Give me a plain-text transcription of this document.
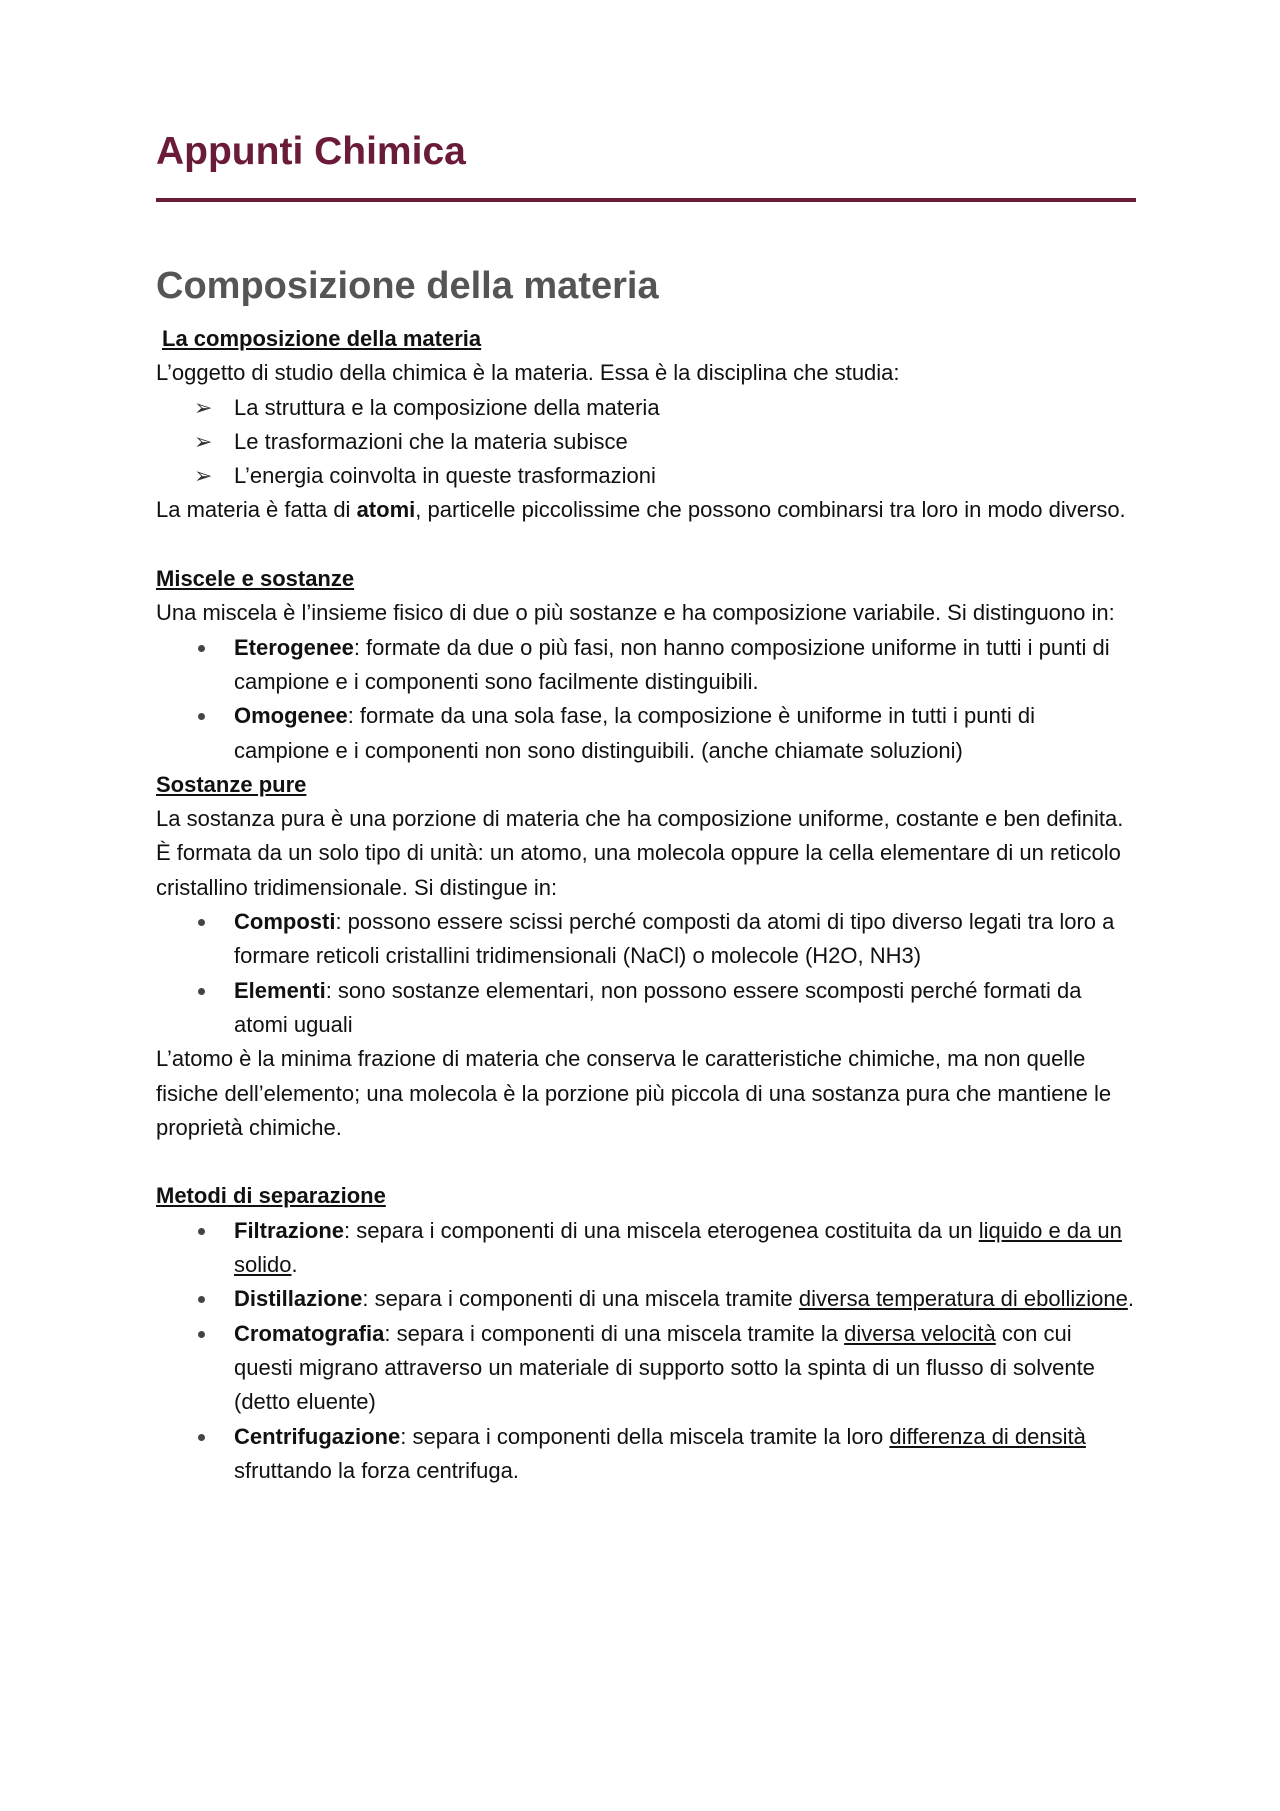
Appunti Chimica
Composizione della materia
La composizione della materia
L’oggetto di studio della chimica è la materia. Essa è la disciplina che studia:
➢ La struttura e la composizione della materia
➢ Le trasformazioni che la materia subisce
➢ L’energia coinvolta in queste trasformazioni
La materia è fatta di atomi, particelle piccolissime che possono combinarsi tra loro in modo diverso.
Miscele e sostanze
Una miscela è l’insieme fisico di due o più sostanze e ha composizione variabile. Si distinguono in:
Eterogenee: formate da due o più fasi, non hanno composizione uniforme in tutti i punti di campione e i componenti sono facilmente distinguibili.
Omogenee: formate da una sola fase, la composizione è uniforme in tutti i punti di campione e i componenti non sono distinguibili. (anche chiamate soluzioni)
Sostanze pure
La sostanza pura è una porzione di materia che ha composizione uniforme, costante e ben definita. È formata da un solo tipo di unità: un atomo, una molecola oppure la cella elementare di un reticolo cristallino tridimensionale. Si distingue in:
Composti: possono essere scissi perché composti da atomi di tipo diverso legati tra loro a formare reticoli cristallini tridimensionali (NaCl) o molecole (H2O, NH3)
Elementi: sono sostanze elementari, non possono essere scomposti perché formati da atomi uguali
L’atomo è la minima frazione di materia che conserva le caratteristiche chimiche, ma non quelle fisiche dell’elemento; una molecola è la porzione più piccola di una sostanza pura che mantiene le proprietà chimiche.
Metodi di separazione
Filtrazione: separa i componenti di una miscela eterogenea costituita da un liquido e da un solido.
Distillazione: separa i componenti di una miscela tramite diversa temperatura di ebollizione.
Cromatografia: separa i componenti di una miscela tramite la diversa velocità con cui questi migrano attraverso un materiale di supporto sotto la spinta di un flusso di solvente (detto eluente)
Centrifugazione: separa i componenti della miscela tramite la loro differenza di densità sfruttando la forza centrifuga.
